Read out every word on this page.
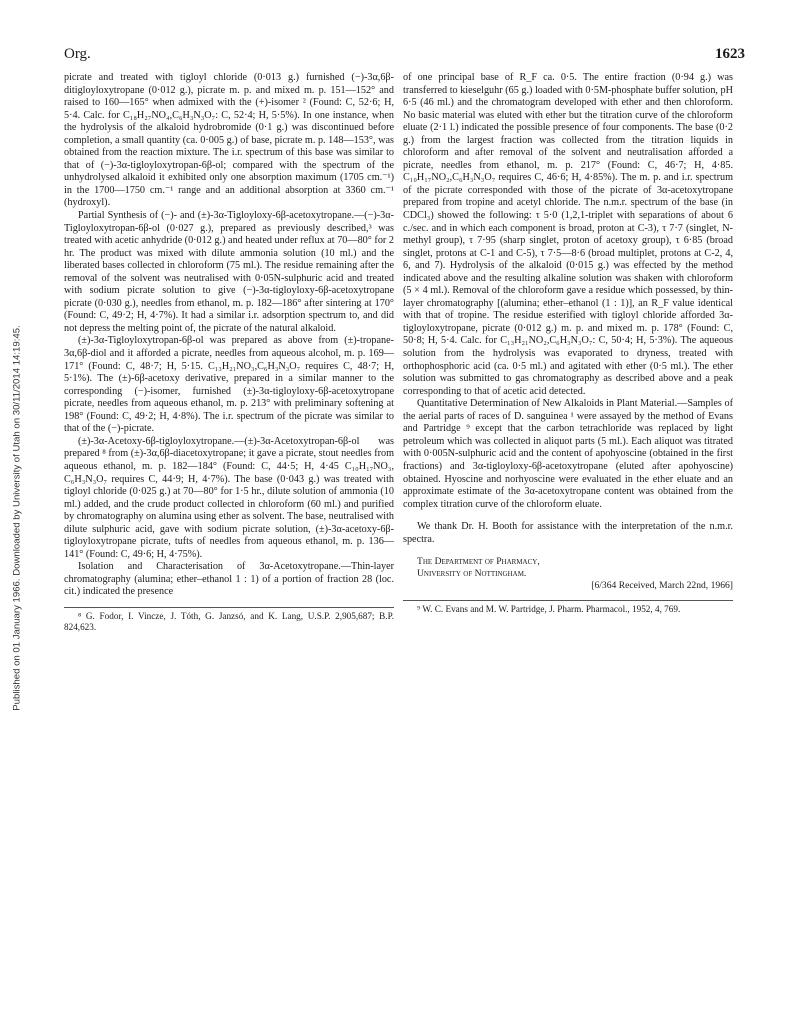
Published on 01 January 1966. Downloaded by University of Utah on 30/11/2014 14:19:45.
Org.	1623

picrate and treated with tigloyl chloride (0·013 g.) furnished (−)-3α,6β-ditigloyloxytropane (0·012 g.), picrate m. p. and mixed m. p. 151—152° and raised to 160—165° when admixed with the (+)-isomer ² (Found: C, 52·6; H, 5·4. Calc. for C₁₈H₂₇NO₄,C₆H₃N₃O₇: C, 52·4; H, 5·5%). In one instance, when the hydrolysis of the alkaloid hydrobromide (0·1 g.) was discontinued before completion, a small quantity (ca. 0·005 g.) of base, picrate m. p. 148—153°, was obtained from the reaction mixture. The i.r. spectrum of this base was similar to that of (−)-3α-tigloyloxytropan-6β-ol; compared with the spectrum of the unhydrolysed alkaloid it exhibited only one absorption maximum (1705 cm.⁻¹) in the 1700—1750 cm.⁻¹ range and an additional absorption at 3360 cm.⁻¹ (hydroxyl).

Partial Synthesis of (−)- and (±)-3α-Tigloyloxy-6β-acetoxytropane.—(−)-3α-Tigloyloxytropan-6β-ol (0·027 g.), prepared as previously described,³ was treated with acetic anhydride (0·012 g.) and heated under reflux at 70—80° for 2 hr. The product was mixed with dilute ammonia solution (10 ml.) and the liberated bases collected in chloroform (75 ml.). The residue remaining after the removal of the solvent was neutralised with 0·05N-sulphuric acid and treated with sodium picrate solution to give (−)-3α-tigloyloxy-6β-acetoxytropane picrate (0·030 g.), needles from ethanol, m. p. 182—186° after sintering at 170° (Found: C, 49·2; H, 4·7%). It had a similar i.r. adsorption spectrum to, and did not depress the melting point of, the picrate of the natural alkaloid.

(±)-3α-Tigloyloxytropan-6β-ol was prepared as above from (±)-tropane-3α,6β-diol and it afforded a picrate, needles from aqueous alcohol, m. p. 169—171° (Found: C, 48·7; H, 5·15. C₁₃H₂₁NO₃,C₆H₃N₃O₇ requires C, 48·7; H, 5·1%). The (±)-6β-acetoxy derivative, prepared in a similar manner to the corresponding (−)-isomer, furnished (±)-3α-tigloyloxy-6β-acetoxytropane picrate, needles from aqueous ethanol, m. p. 213° with preliminary softening at 198° (Found: C, 49·2; H, 4·8%). The i.r. spectrum of the picrate was similar to that of the (−)-picrate.

(±)-3α-Acetoxy-6β-tigloyloxytropane.—(±)-3α-Acetoxytropan-6β-ol was prepared ⁸ from (±)-3α,6β-diacetoxytropane; it gave a picrate, stout needles from aqueous ethanol, m. p. 182—184° (Found: C, 44·5; H, 4·45 C₁₀H₁₇NO₃, C₆H₃N₃O₇ requires C, 44·9; H, 4·7%). The base (0·043 g.) was treated with tigloyl chloride (0·025 g.) at 70—80° for 1·5 hr., dilute solution of ammonia (10 ml.) added, and the crude product collected in chloroform (60 ml.) and purified by chromatography on alumina using ether as solvent. The base, neutralised with dilute sulphuric acid, gave with sodium picrate solution, (±)-3α-acetoxy-6β-tigloyloxytropane picrate, tufts of needles from aqueous ethanol, m. p. 136—141° (Found: C, 49·6; H, 4·75%).

Isolation and Characterisation of 3α-Acetoxytropane.—Thin-layer chromatography (alumina; ether–ethanol 1 : 1) of a portion of fraction 28 (loc. cit.) indicated the presence

⁸ G. Fodor, I. Vincze, J. Tóth, G. Janzsó, and K. Lang, U.S.P. 2,905,687; B.P. 824,623.

of one principal base of R_F ca. 0·5. The entire fraction (0·94 g.) was transferred to kieselguhr (65 g.) loaded with 0·5M-phosphate buffer solution, pH 6·5 (46 ml.) and the chromatogram developed with ether and then chloroform. No basic material was eluted with ether but the titration curve of the chloroform eluate (2·1 l.) indicated the possible presence of four components. The base (0·2 g.) from the largest fraction was collected from the titration liquids in chloroform and after removal of the solvent and neutralisation afforded a picrate, needles from ethanol, m. p. 217° (Found: C, 46·7; H, 4·85. C₁₀H₁₇NO₂,C₆H₃N₃O₇ requires C, 46·6; H, 4·85%). The m. p. and i.r. spectrum of the picrate corresponded with those of the picrate of 3α-acetoxytropane prepared from tropine and acetyl chloride. The n.m.r. spectrum of the base (in CDCl₃) showed the following: τ 5·0 (1,2,1-triplet with separations of about 6 c./sec. and in which each component is broad, proton at C-3), τ 7·7 (singlet, N-methyl group), τ 7·95 (sharp singlet, proton of acetoxy group), τ 6·85 (broad singlet, protons at C-1 and C-5), τ 7·5—8·6 (broad multiplet, protons at C-2, 4, 6, and 7). Hydrolysis of the alkaloid (0·015 g.) was effected by the method indicated above and the resulting alkaline solution was shaken with chloroform (5 × 4 ml.). Removal of the chloroform gave a residue which possessed, by thin-layer chromatography [(alumina; ether–ethanol (1 : 1)], an R_F value identical with that of tropine. The residue esterified with tigloyl chloride afforded 3α-tigloyloxytropane, picrate (0·012 g.) m. p. and mixed m. p. 178° (Found: C, 50·8; H, 5·4. Calc. for C₁₃H₂₁NO₂,C₆H₃N₃O₇: C, 50·4; H, 5·3%). The aqueous solution from the hydrolysis was evaporated to dryness, treated with orthophosphoric acid (ca. 0·5 ml.) and agitated with ether (0·5 ml.). The ether solution was submitted to gas chromatography as described above and a peak corresponding to that of acetic acid detected.

Quantitative Determination of New Alkaloids in Plant Material.—Samples of the aerial parts of races of D. sanguinea ¹ were assayed by the method of Evans and Partridge ⁹ except that the carbon tetrachloride was replaced by light petroleum which was collected in aliquot parts (5 ml.). Each aliquot was titrated with 0·005N-sulphuric acid and the content of apohyoscine (obtained in the first fractions) and 3α-tigloyloxy-6β-acetoxytropane (eluted after apohyoscine) obtained. Hyoscine and norhyoscine were evaluated in the ether eluate and an approximate estimate of the 3α-acetoxytropane content was obtained from the complex titration curve of the chloroform eluate.

We thank Dr. H. Booth for assistance with the interpretation of the n.m.r. spectra.

The Department of Pharmacy,
University of Nottingham.
[6/364 Received, March 22nd, 1966]

⁹ W. C. Evans and M. W. Partridge, J. Pharm. Pharmacol., 1952, 4, 769.
